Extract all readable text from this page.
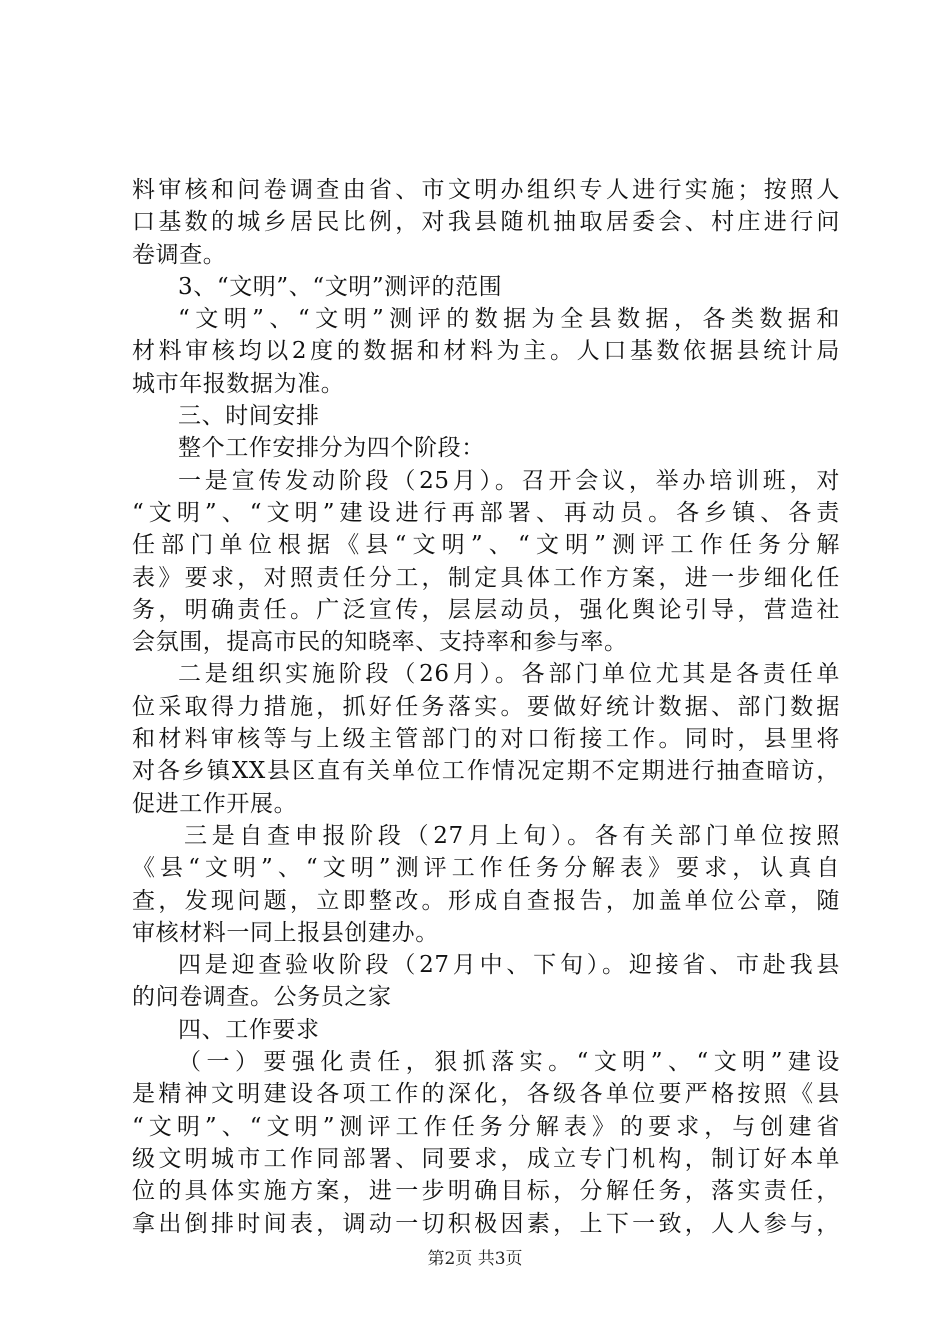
料审核和问卷调查由省、市文明办组织专人进行实施；按照人
口基数的城乡居民比例，对我县随机抽取居委会、村庄进行问
卷调查。
3、“文明”、“文明”测评的范围
“文明”、“文明”测评的数据为全县数据，各类数据和
材料审核均以2度的数据和材料为主。人口基数依据县统计局
城市年报数据为准。
三、时间安排
整个工作安排分为四个阶段：
一是宣传发动阶段（25月）。召开会议，举办培训班，对
“文明”、“文明”建设进行再部署、再动员。各乡镇、各责
任部门单位根据《县“文明”、“文明”测评工作任务分解
表》要求，对照责任分工，制定具体工作方案，进一步细化任
务，明确责任。广泛宣传，层层动员，强化舆论引导，营造社
会氛围，提高市民的知晓率、支持率和参与率。
二是组织实施阶段（26月）。各部门单位尤其是各责任单
位采取得力措施，抓好任务落实。要做好统计数据、部门数据
和材料审核等与上级主管部门的对口衔接工作。同时，县里将
对各乡镇XX县区直有关单位工作情况定期不定期进行抽查暗访，
促进工作开展。
三是自查申报阶段（27月上旬）。各有关部门单位按照
《县“文明”、“文明”测评工作任务分解表》要求，认真自
查，发现问题，立即整改。形成自查报告，加盖单位公章，随
审核材料一同上报县创建办。
四是迎查验收阶段（27月中、下旬）。迎接省、市赴我县
的问卷调查。公务员之家
四、工作要求
（一）要强化责任，狠抓落实。“文明”、“文明”建设
是精神文明建设各项工作的深化，各级各单位要严格按照《县
“文明”、“文明”测评工作任务分解表》的要求，与创建省
级文明城市工作同部署、同要求，成立专门机构，制订好本单
位的具体实施方案，进一步明确目标，分解任务，落实责任，
拿出倒排时间表，调动一切积极因素，上下一致，人人参与，
第2页 共3页
